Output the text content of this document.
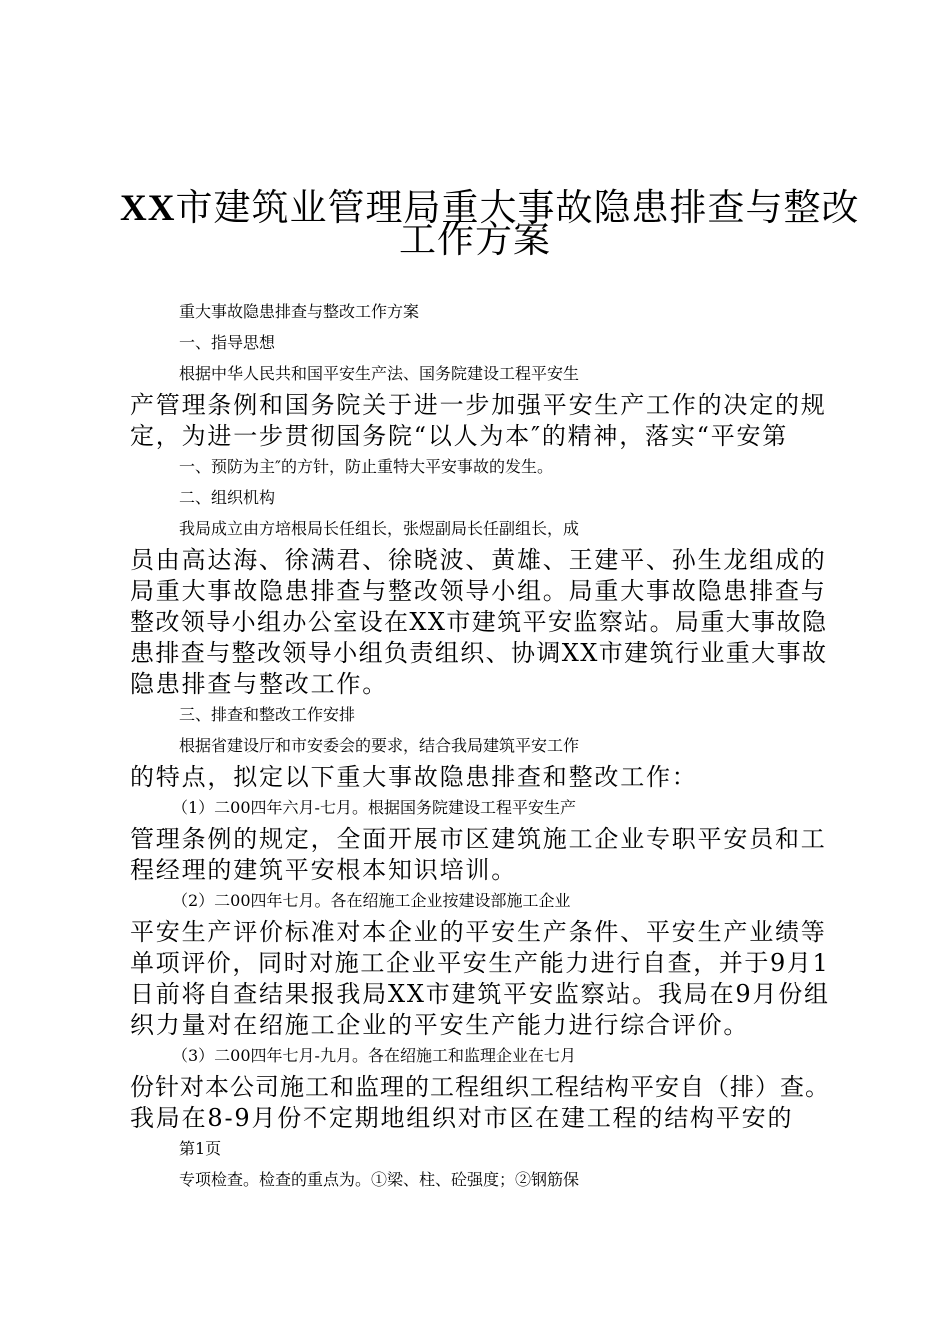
XX市建筑业管理局重大事故隐患排查与整改
工作方案
重大事故隐患排查与整改工作方案
一、指导思想
根据中华人民共和国平安生产法、国务院建设工程平安生
产管理条例和国务院关于进一步加强平安生产工作的决定的规
定，为进一步贯彻国务院“以人为本″的精神，落实“平安第
一、预防为主″的方针，防止重特大平安事故的发生。
二、组织机构
我局成立由方培根局长任组长，张煜副局长任副组长，成
员由高达海、徐满君、徐晓波、黄雄、王建平、孙生龙组成的
局重大事故隐患排查与整改领导小组。局重大事故隐患排查与
整改领导小组办公室设在XX市建筑平安监察站。局重大事故隐
患排查与整改领导小组负责组织、协调XX市建筑行业重大事故
隐患排查与整改工作。
三、排查和整改工作安排
根据省建设厅和市安委会的要求，结合我局建筑平安工作
的特点，拟定以下重大事故隐患排查和整改工作：
（1）二00四年六月-七月。根据国务院建设工程平安生产
管理条例的规定，全面开展市区建筑施工企业专职平安员和工
程经理的建筑平安根本知识培训。
（2）二00四年七月。各在绍施工企业按建设部施工企业
平安生产评价标准对本企业的平安生产条件、平安生产业绩等
单项评价，同时对施工企业平安生产能力进行自查，并于9月1
日前将自查结果报我局XX市建筑平安监察站。我局在9月份组
织力量对在绍施工企业的平安生产能力进行综合评价。
（3）二00四年七月-九月。各在绍施工和监理企业在七月
份针对本公司施工和监理的工程组织工程结构平安自（排）查。
我局在8-9月份不定期地组织对市区在建工程的结构平安的
第1页
专项检查。检查的重点为。①梁、柱、砼强度；②钢筋保
